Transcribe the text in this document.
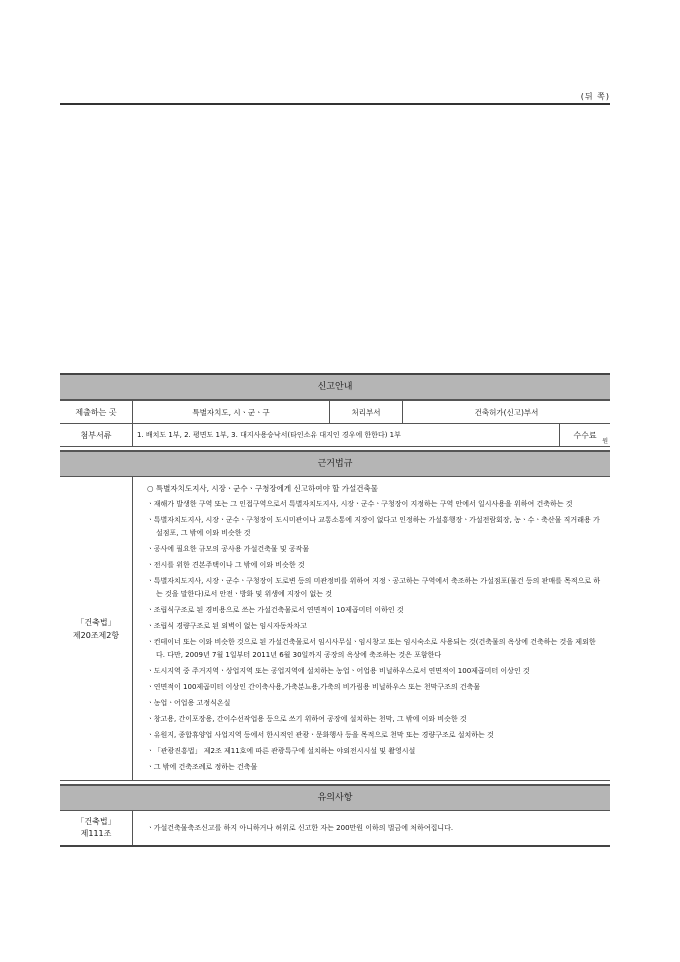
(뒤 쪽)
신고안내
제출하는 곳	특별자치도, 시ㆍ군ㆍ구	처리부서	건축허가(신고)부서	
첨부서류	1. 배치도 1부, 2. 평면도 1부, 3. 대지사용승낙서(타인소유 대지인 경우에 한한다) 1부			수수료
원
근거법규
「건축법」
제20조제2항
○ 특별자치도지사, 시장ㆍ군수ㆍ구청장에게 신고하여야 할 가설건축물
ㆍ재해가 발생한 구역 또는 그 인접구역으로서 특별자치도지사, 시장ㆍ군수ㆍ구청장이 지정하는 구역 안에서 일시사용을 위하여 건축하는 것
ㆍ특별자치도지사, 시장ㆍ군수ㆍ구청장이 도시미관이나 교통소통에 지장이 없다고 인정하는 가설흥행장ㆍ가설전람회장, 농ㆍ수ㆍ축산물 직거래용 가설점포, 그 밖에 이와 비슷한 것
ㆍ공사에 필요한 규모의 공사용 가설건축물 및 공작물
ㆍ전시를 위한 견본주택이나 그 밖에 이와 비슷한 것
ㆍ특별자치도지사, 시장ㆍ군수ㆍ구청장이 도로변 등의 미관정비를 위하여 지정ㆍ공고하는 구역에서 축조하는 가설점포(물건 등의 판매를 목적으로 하는 것을 말한다)로서 안전ㆍ방화 및 위생에 지장이 없는 것
ㆍ조립식구조로 된 경비용으로 쓰는 가설건축물로서 연면적이 10제곱미터 이하인 것
ㆍ조립식 경량구조로 된 외벽이 없는 임시자동차차고
ㆍ컨테이너 또는 이와 비슷한 것으로 된 가설건축물로서 임시사무실ㆍ임시창고 또는 임시숙소로 사용되는 것(건축물의 옥상에 건축하는 것을 제외한다. 다만, 2009년 7월 1일부터 2011년 6월 30일까지 공장의 옥상에 축조하는 것은 포함한다
ㆍ도시지역 중 주거지역ㆍ상업지역 또는 공업지역에 설치하는 농업ㆍ어업용 비닐하우스로서 연면적이 100제곱미터 이상인 것
ㆍ연면적이 100제곱미터 이상인 간이축사용,가축분뇨용,가축의 비가림용 비닐하우스 또는 천막구조의 건축물
ㆍ농업ㆍ어업용 고정식온실
ㆍ창고용, 간이포장용, 간이수선작업용 등으로 쓰기 위하여 공장에 설치하는 천막, 그 밖에 이와 비슷한 것
ㆍ유원지, 종합휴양업 사업지역 등에서 한시적인 관광ㆍ문화행사 등을 목적으로 천막 또는 경량구조로 설치하는 것
ㆍ「관광진흥법」 제2조 제11호에 따른 관광특구에 설치하는 야외전시시설 및 촬영시설
ㆍ그 밖에 건축조례로 정하는 건축물
유의사항
「건축법」
제111조
ㆍ가설건축물축조신고를 하지 아니하거나 허위로 신고한 자는 200만원 이하의 벌금에 처하여집니다.
